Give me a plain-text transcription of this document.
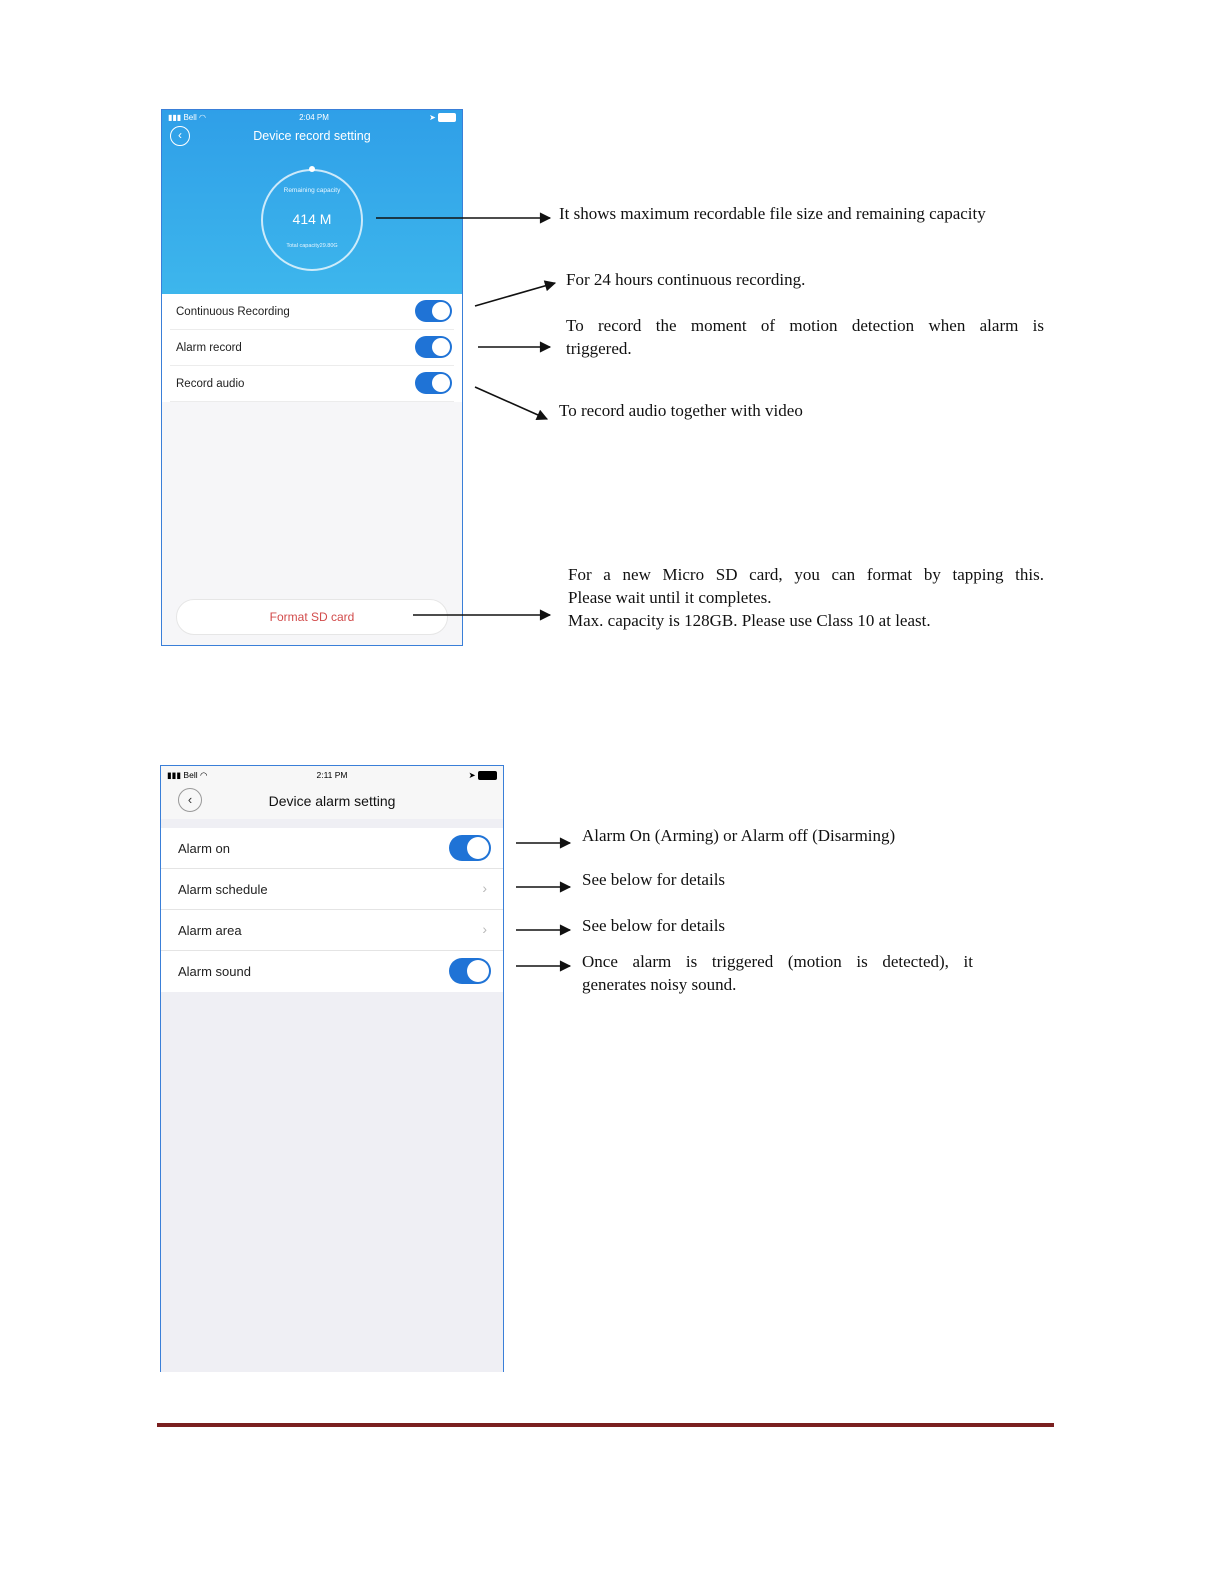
▮▮▮ Bell ◠	2:04 PM	➤
‹	Device record setting
Remaining capacity
414 M
Total capacity29.80G
Continuous Recording
Alarm record
Record audio
Format SD card
▮▮▮ Bell ◠	2:11 PM	➤
‹	Device alarm setting
Alarm on
Alarm schedule	›
Alarm area	›
Alarm sound
It shows maximum recordable file size and remaining capacity
For 24 hours continuous recording.
To record the moment of motion detection when alarm is
triggered.
To record audio together with video
For a new Micro SD card, you can format by tapping this.
Please wait until it completes.
Max. capacity is 128GB. Please use Class 10 at least.
Alarm On (Arming) or Alarm off (Disarming)
See below for details
See below for details
Once alarm is triggered (motion is detected), it
generates noisy sound.
